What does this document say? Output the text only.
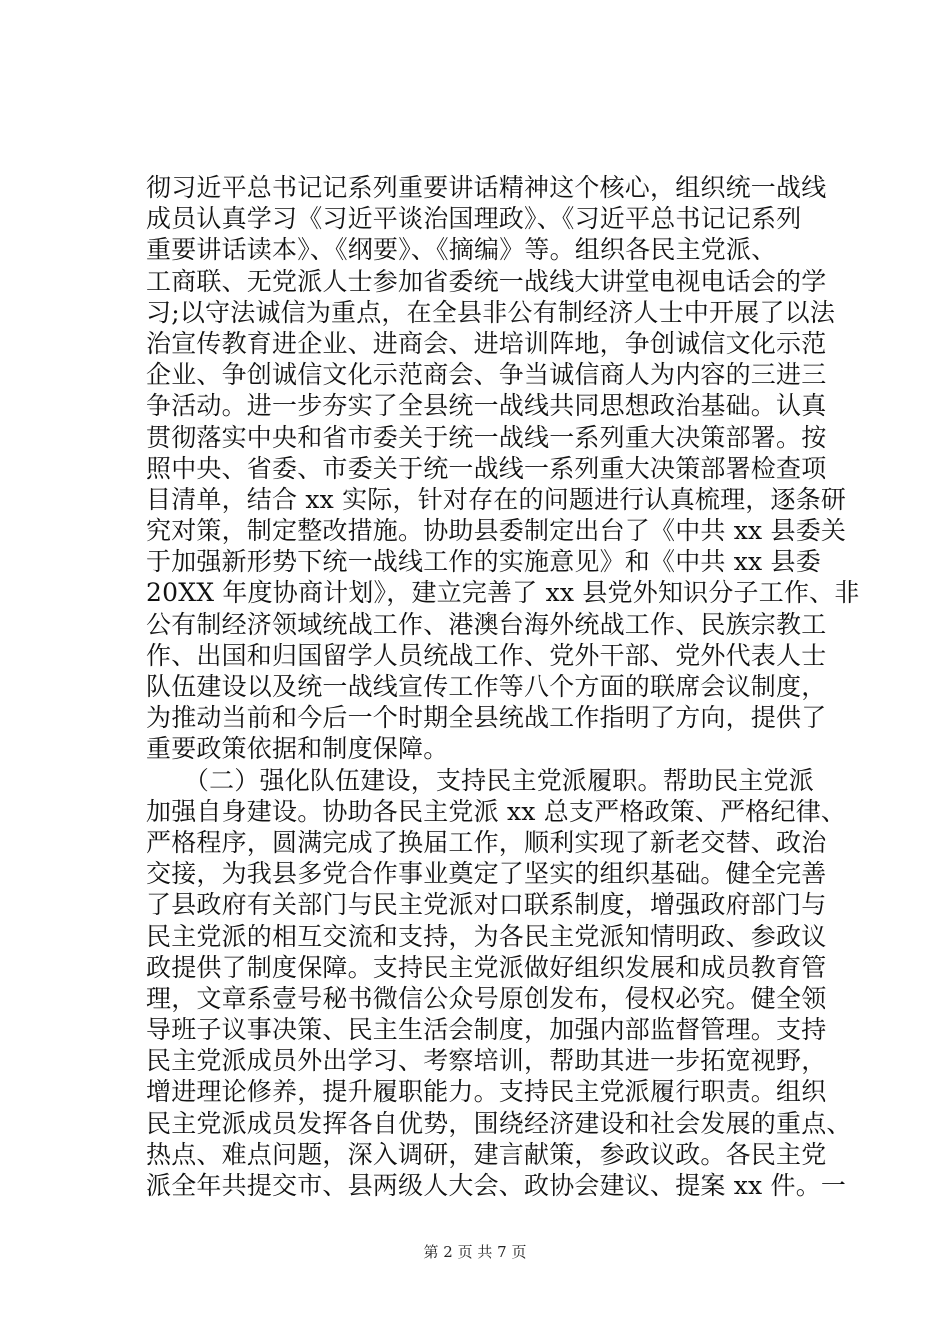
彻习近平总书记记系列重要讲话精神这个核心，组织统一战线
成员认真学习《习近平谈治国理政》、《习近平总书记记系列
重要讲话读本》、《纲要》、《摘编》等。组织各民主党派、
工商联、无党派人士参加省委统一战线大讲堂电视电话会的学
习;以守法诚信为重点，在全县非公有制经济人士中开展了以法
治宣传教育进企业、进商会、进培训阵地，争创诚信文化示范
企业、争创诚信文化示范商会、争当诚信商人为内容的三进三
争活动。进一步夯实了全县统一战线共同思想政治基础。认真
贯彻落实中央和省市委关于统一战线一系列重大决策部署。按
照中央、省委、市委关于统一战线一系列重大决策部署检查项
目清单，结合 xx 实际，针对存在的问题进行认真梳理，逐条研
究对策，制定整改措施。协助县委制定出台了《中共 xx 县委关
于加强新形势下统一战线工作的实施意见》和《中共 xx 县委
20XX 年度协商计划》，建立完善了 xx 县党外知识分子工作、非
公有制经济领域统战工作、港澳台海外统战工作、民族宗教工
作、出国和归国留学人员统战工作、党外干部、党外代表人士
队伍建设以及统一战线宣传工作等八个方面的联席会议制度，
为推动当前和今后一个时期全县统战工作指明了方向，提供了
重要政策依据和制度保障。
　　（二）强化队伍建设，支持民主党派履职。帮助民主党派
加强自身建设。协助各民主党派 xx 总支严格政策、严格纪律、
严格程序，圆满完成了换届工作，顺利实现了新老交替、政治
交接，为我县多党合作事业奠定了坚实的组织基础。健全完善
了县政府有关部门与民主党派对口联系制度，增强政府部门与
民主党派的相互交流和支持，为各民主党派知情明政、参政议
政提供了制度保障。支持民主党派做好组织发展和成员教育管
理，文章系壹号秘书微信公众号原创发布，侵权必究。健全领
导班子议事决策、民主生活会制度，加强内部监督管理。支持
民主党派成员外出学习、考察培训，帮助其进一步拓宽视野，
增进理论修养，提升履职能力。支持民主党派履行职责。组织
民主党派成员发挥各自优势，围绕经济建设和社会发展的重点、
热点、难点问题，深入调研，建言献策，参政议政。各民主党
派全年共提交市、县两级人大会、政协会建议、提案 xx 件。一
第 2 页 共 7 页
